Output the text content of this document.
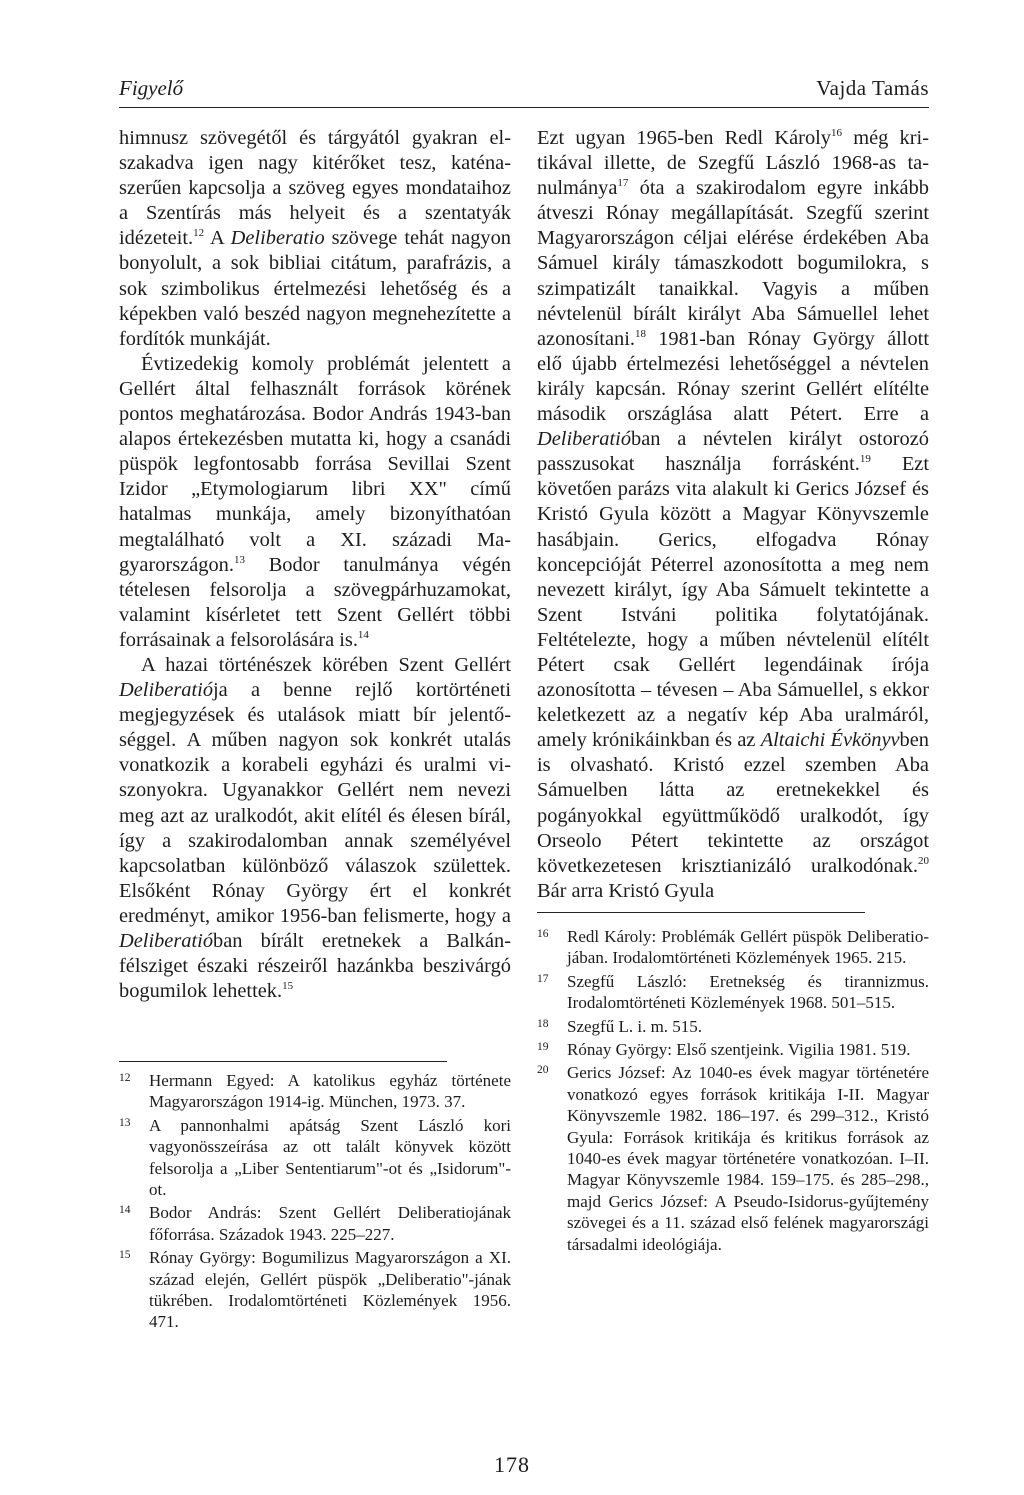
Figyelő	Vajda Tamás

himnusz szövegétől és tárgyától gyakran elszakadva igen nagy kitérőket tesz, katénaszerűen kapcsolja a szöveg egyes mondataihoz a Szentírás más helyeit és a szentatyák idézeteit.$^{12}$ A Deliberatio szövege tehát nagyon bonyolult, a sok bibliai citátum, parafrázis, a sok szimbolikus értelmezési lehetőség és a képekben való beszéd nagyon megnehezítette a fordítók munkáját.

Évtizedekig komoly problémát jelentett a Gellért által felhasznált források körének pontos meghatározása. Bodor András 1943-ban alapos értekezésben mutatta ki, hogy a csanádi püspök legfontosabb forrása Sevillai Szent Izidor „Etymologiarum libri XX" című hatalmas munkája, amely bizonyíthatóan megtalálható volt a XI. századi Magyarországon.$^{13}$ Bodor tanulmánya végén tételesen felsorolja a szövegpárhuzamokat, valamint kísérletet tett Szent Gellért többi forrásainak a felsorolására is.$^{14}$

A hazai történészek körében Szent Gellért Deliberatiója a benne rejlő kortörténeti megjegyzések és utalások miatt bír jelentőséggel. A műben nagyon sok konkrét utalás vonatkozik a korabeli egyházi és uralmi viszonyokra. Ugyanakkor Gellért nem nevezi meg azt az uralkodót, akit elítél és élesen bírál, így a szakirodalomban annak személyével kapcsolatban különböző válaszok születtek. Elsőként Rónay György ért el konkrét eredményt, amikor 1956-ban felismerte, hogy a Deliberatióban bírált eretnekek a Balkán-félsziget északi részeiről hazánkba beszivárgó bogumilok lehettek.$^{15}$

Ezt ugyan 1965-ben Redl Károly$^{16}$ még kritikával illette, de Szegfű László 1968-as tanulmánya$^{17}$ óta a szakirodalom egyre inkább átveszi Rónay megállapítását. Szegfű szerint Magyarországon céljai elérése érdekében Aba Sámuel király támaszkodott bogumilokra, s szimpatizált tanaikkal. Vagyis a műben névtelenül bírált királyt Aba Sámuellel lehet azonosítani.$^{18}$ 1981-ban Rónay György állott elő újabb értelmezési lehetőséggel a névtelen király kapcsán. Rónay szerint Gellért elítélte második országlása alatt Pétert. Erre a Deliberatióban a névtelen királyt ostorozó passzusokat használja forrásként.$^{19}$ Ezt követően parázs vita alakult ki Gerics József és Kristó Gyula között a Magyar Könyvszemle hasábjain. Gerics, elfogadva Rónay koncepcióját Péterrel azonosította a meg nem nevezett királyt, így Aba Sámuelt tekintette a Szent Istváni politika folytatójának. Feltételezte, hogy a műben névtelenül elítélt Pétert csak Gellért legendáinak írója azonosította – tévesen – Aba Sámuellel, s ekkor keletkezett az a negatív kép Aba uralmáról, amely krónikáinkban és az Altaichi Évkönyvben is olvasható. Kristó ezzel szemben Aba Sámuelben látta az eretnekekkel és pogányokkal együttműködő uralkodót, így Orseolo Pétert tekintette az országot következetesen krisztianizáló uralkodónak.$^{20}$ Bár arra Kristó Gyula

12 Hermann Egyed: A katolikus egyház története Magyarországon 1914-ig. München, 1973. 37.
13 A pannonhalmi apátság Szent László kori vagyonösszeírása az ott talált könyvek között felsorolja a „Liber Sententiarum"-ot és „Isidorum"-ot.
14 Bodor András: Szent Gellért Deliberatiojának főforrása. Századok 1943. 225–227.
15 Rónay György: Bogumilizus Magyarországon a XI. század elején, Gellért püspök „Deliberatio"-jának tükrében. Irodalomtörténeti Közlemények 1956. 471.
16 Redl Károly: Problémák Gellért püspök Deliberatio-jában. Irodalomtörténeti Közlemények 1965. 215.
17 Szegfű László: Eretnekség és tirannizmus. Irodalomtörténeti Közlemények 1968. 501–515.
18 Szegfű L. i. m. 515.
19 Rónay György: Első szentjeink. Vigilia 1981. 519.
20 Gerics József: Az 1040-es évek magyar történetére vonatkozó egyes források kritikája I-II. Magyar Könyvszemle 1982. 186–197. és 299–312., Kristó Gyula: Források kritikája és kritikus források az 1040-es évek magyar történetére vonatkozóan. I–II. Magyar Könyvszemle 1984. 159–175. és 285–298., majd Gerics József: A Pseudo-Isidorus-gyűjtemény szövegei és a 11. század első felének magyarországi társadalmi ideológiája.
178
